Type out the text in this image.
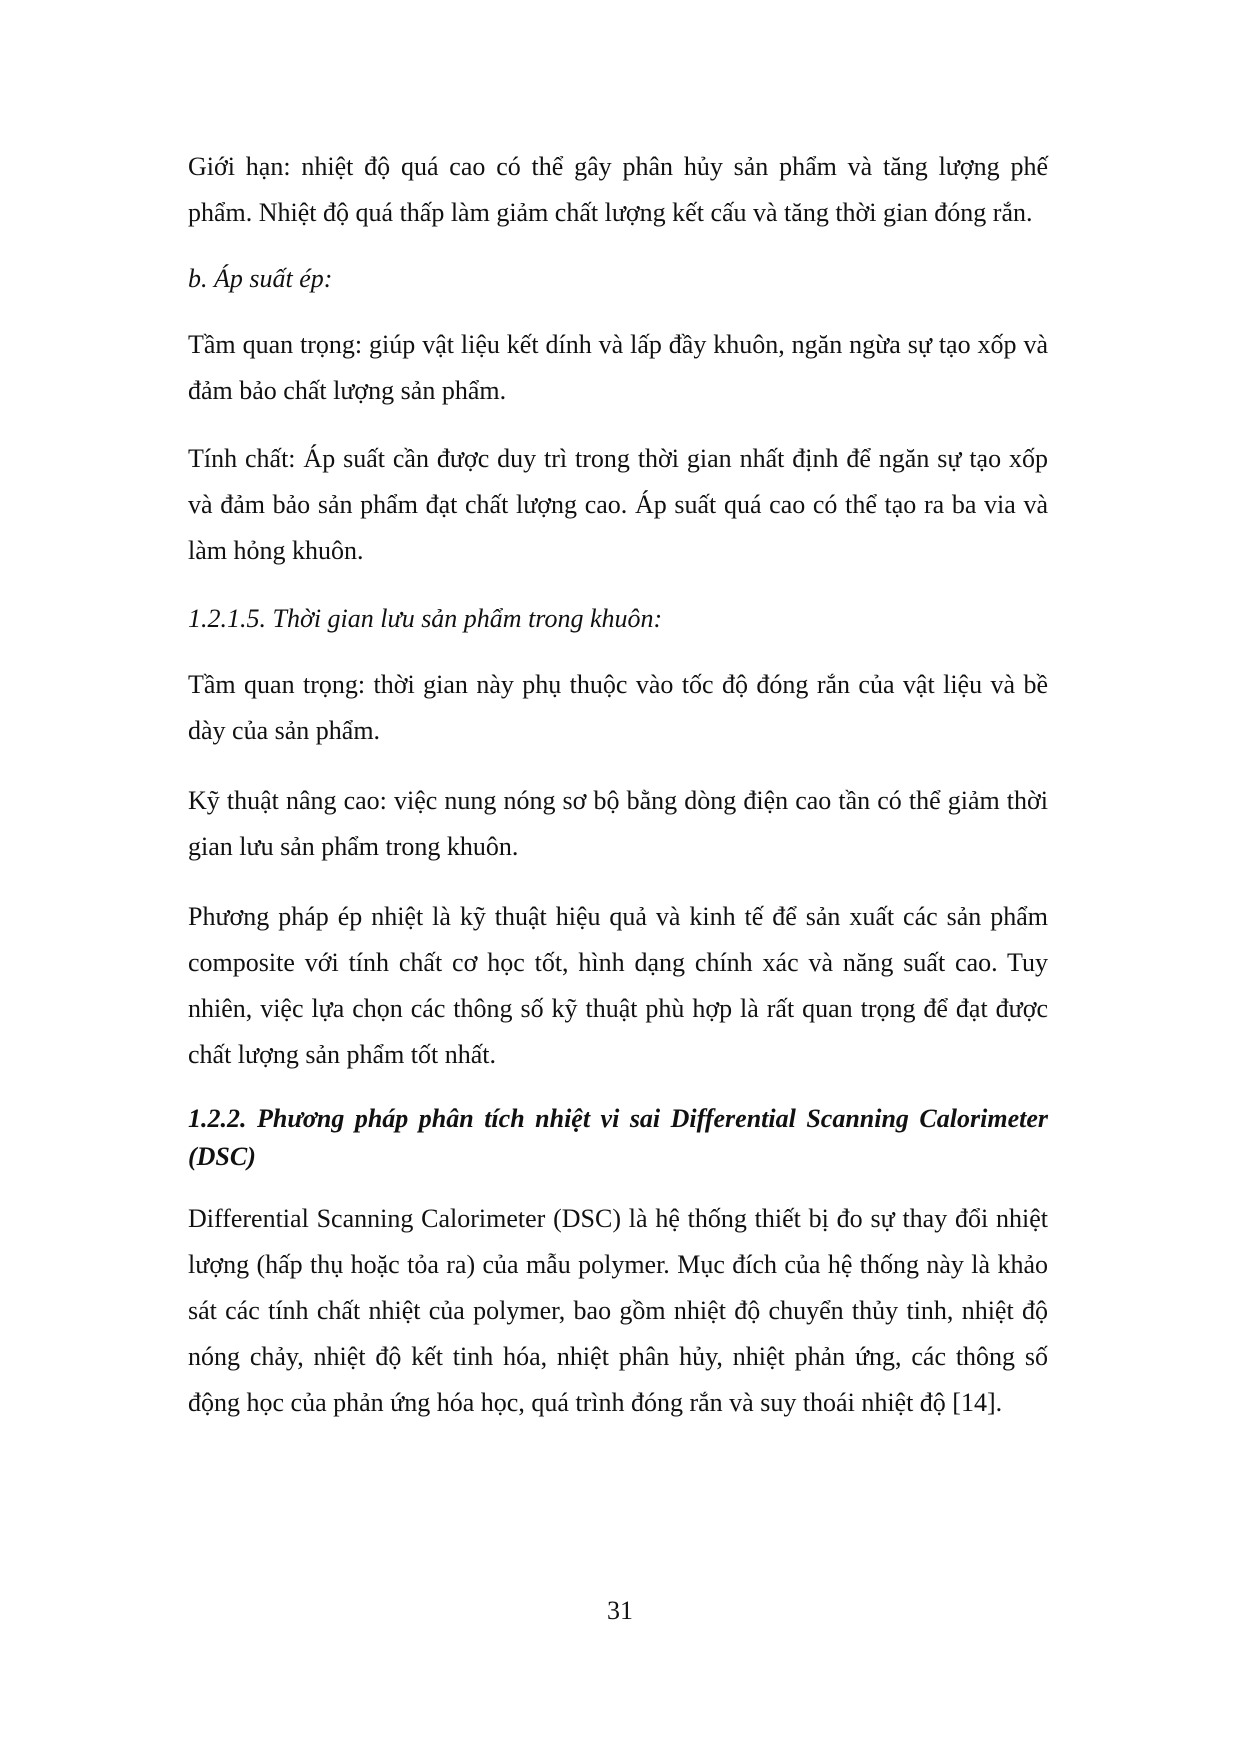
Giới hạn: nhiệt độ quá cao có thể gây phân hủy sản phẩm và tăng lượng phế phẩm. Nhiệt độ quá thấp làm giảm chất lượng kết cấu và tăng thời gian đóng rắn.

b. Áp suất ép:

Tầm quan trọng: giúp vật liệu kết dính và lấp đầy khuôn, ngăn ngừa sự tạo xốp và đảm bảo chất lượng sản phẩm.

Tính chất: Áp suất cần được duy trì trong thời gian nhất định để ngăn sự tạo xốp và đảm bảo sản phẩm đạt chất lượng cao. Áp suất quá cao có thể tạo ra ba via và làm hỏng khuôn.

1.2.1.5. Thời gian lưu sản phẩm trong khuôn:

Tầm quan trọng: thời gian này phụ thuộc vào tốc độ đóng rắn của vật liệu và bề dày của sản phẩm.

Kỹ thuật nâng cao: việc nung nóng sơ bộ bằng dòng điện cao tần có thể giảm thời gian lưu sản phẩm trong khuôn.

Phương pháp ép nhiệt là kỹ thuật hiệu quả và kinh tế để sản xuất các sản phẩm composite với tính chất cơ học tốt, hình dạng chính xác và năng suất cao. Tuy nhiên, việc lựa chọn các thông số kỹ thuật phù hợp là rất quan trọng để đạt được chất lượng sản phẩm tốt nhất.

1.2.2. Phương pháp phân tích nhiệt vi sai Differential Scanning Calorimeter (DSC)

Differential Scanning Calorimeter (DSC) là hệ thống thiết bị đo sự thay đổi nhiệt lượng (hấp thụ hoặc tỏa ra) của mẫu polymer. Mục đích của hệ thống này là khảo sát các tính chất nhiệt của polymer, bao gồm nhiệt độ chuyển thủy tinh, nhiệt độ nóng chảy, nhiệt độ kết tinh hóa, nhiệt phân hủy, nhiệt phản ứng, các thông số động học của phản ứng hóa học, quá trình đóng rắn và suy thoái nhiệt độ [14].

31
